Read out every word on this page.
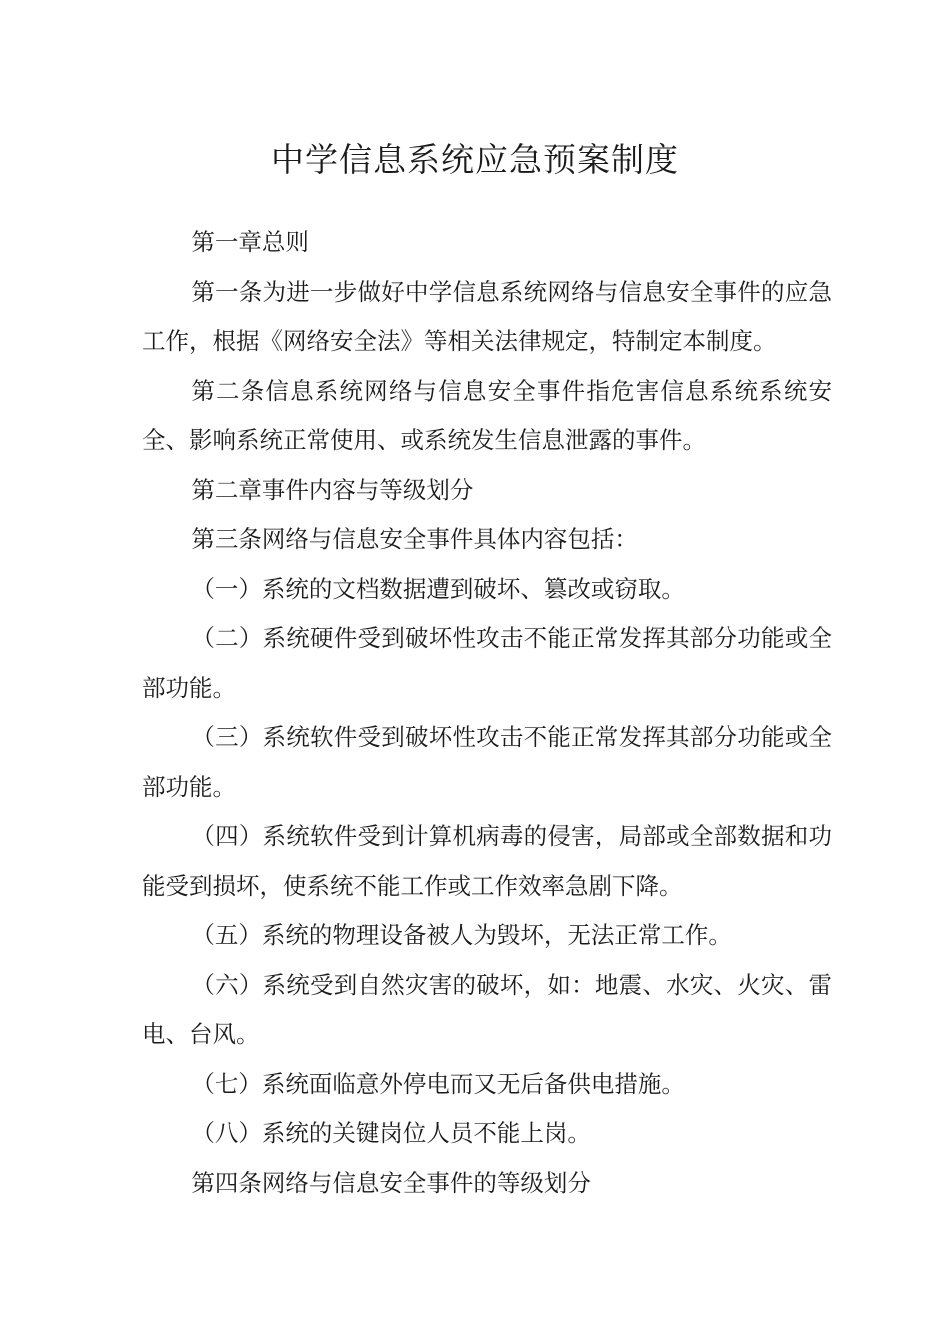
中学信息系统应急预案制度

第一章总则

第一条为进一步做好中学信息系统网络与信息安全事件的应急工作，根据《网络安全法》等相关法律规定，特制定本制度。

第二条信息系统网络与信息安全事件指危害信息系统系统安全、影响系统正常使用、或系统发生信息泄露的事件。

第二章事件内容与等级划分

第三条网络与信息安全事件具体内容包括：

（一）系统的文档数据遭到破坏、篡改或窃取。

（二）系统硬件受到破坏性攻击不能正常发挥其部分功能或全部功能。

（三）系统软件受到破坏性攻击不能正常发挥其部分功能或全部功能。

（四）系统软件受到计算机病毒的侵害，局部或全部数据和功能受到损坏，使系统不能工作或工作效率急剧下降。

（五）系统的物理设备被人为毁坏，无法正常工作。

（六）系统受到自然灾害的破坏，如：地震、水灾、火灾、雷电、台风。

（七）系统面临意外停电而又无后备供电措施。

（八）系统的关键岗位人员不能上岗。

第四条网络与信息安全事件的等级划分
